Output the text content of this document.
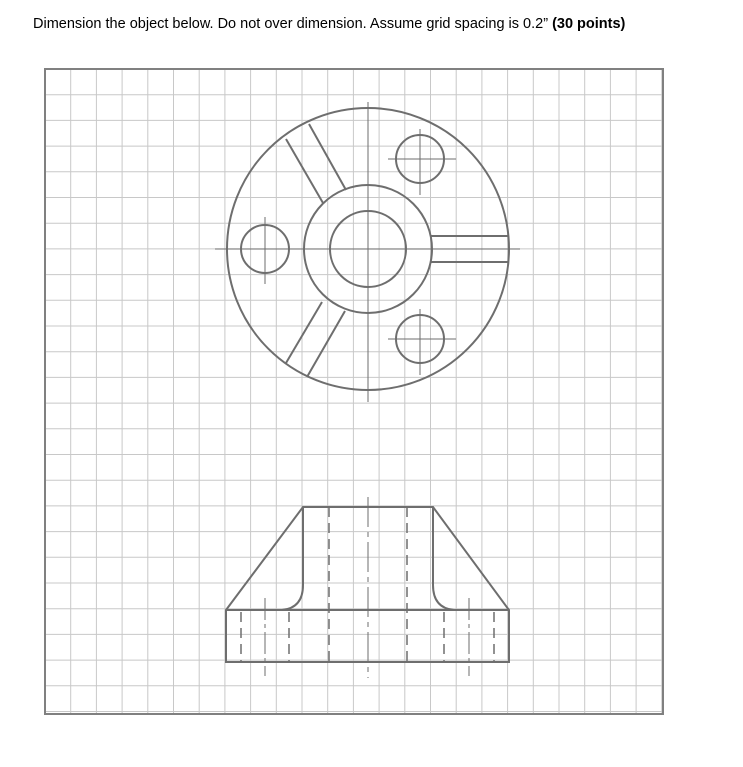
Dimension the object below. Do not over dimension. Assume grid spacing is 0.2” (30 points)
